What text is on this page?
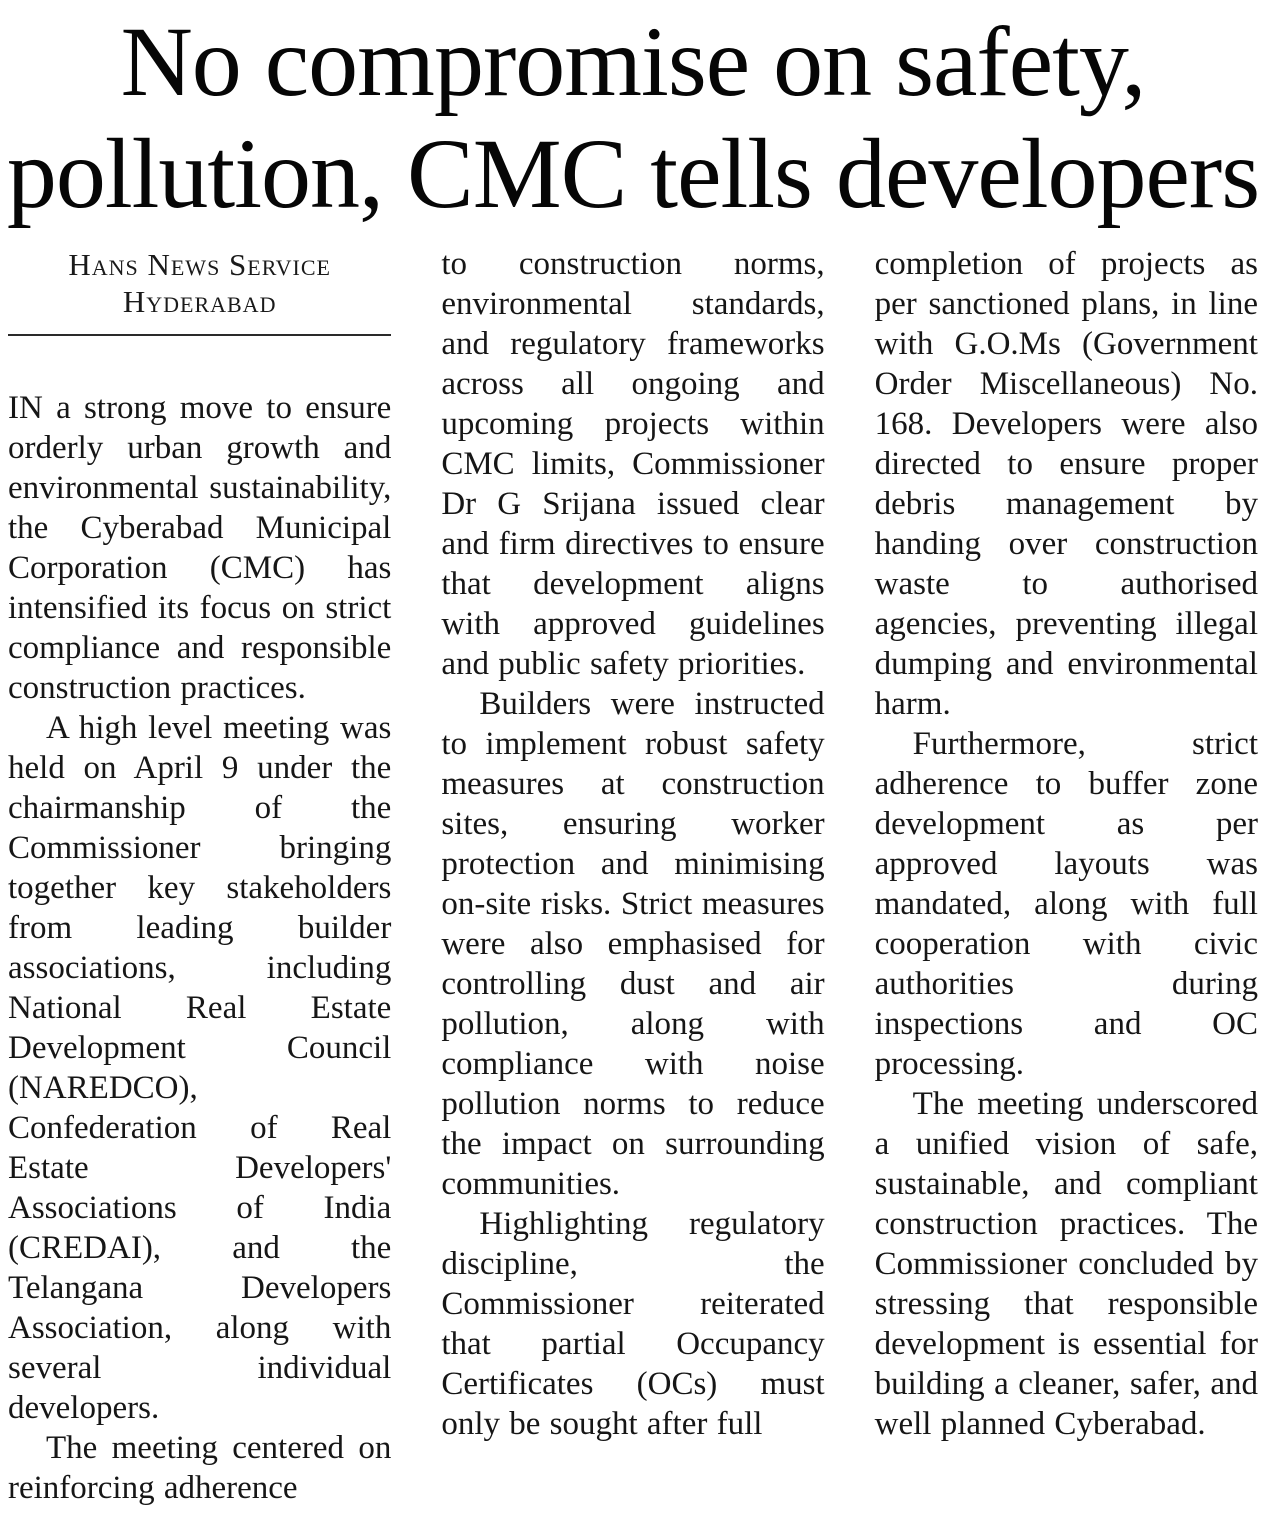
No compromise on safety,
pollution, CMC tells developers
Hans News Service
Hyderabad

IN a strong move to ensure orderly urban growth and environmental sustainability, the Cyberabad Municipal Corporation (CMC) has intensified its focus on strict compliance and responsible construction practices.

A high level meeting was held on April 9 under the chairmanship of the Commissioner bringing together key stakeholders from leading builder associations, including National Real Estate Development Council (NAREDCO), Confederation of Real Estate Developers' Associations of India (CREDAI), and the Telangana Developers Association, along with several individual developers.

The meeting centered on reinforcing adherence

to construction norms, environmental standards, and regulatory frameworks across all ongoing and upcoming projects within CMC limits, Commissioner Dr G Srijana issued clear and firm directives to ensure that development aligns with approved guidelines and public safety priorities.

Builders were instructed to implement robust safety measures at construction sites, ensuring worker protection and minimising on-site risks. Strict measures were also emphasised for controlling dust and air pollution, along with compliance with noise pollution norms to reduce the impact on surrounding communities.

Highlighting regulatory discipline, the Commissioner reiterated that partial Occupancy Certificates (OCs) must only be sought after full

completion of projects as per sanctioned plans, in line with G.O.Ms (Government Order Miscellaneous) No. 168. Developers were also directed to ensure proper debris management by handing over construction waste to authorised agencies, preventing illegal dumping and environmental harm.

Furthermore, strict adherence to buffer zone development as per approved layouts was mandated, along with full cooperation with civic authorities during inspections and OC processing.

The meeting underscored a unified vision of safe, sustainable, and compliant construction practices. The Commissioner concluded by stressing that responsible development is essential for building a cleaner, safer, and well planned Cyberabad.
